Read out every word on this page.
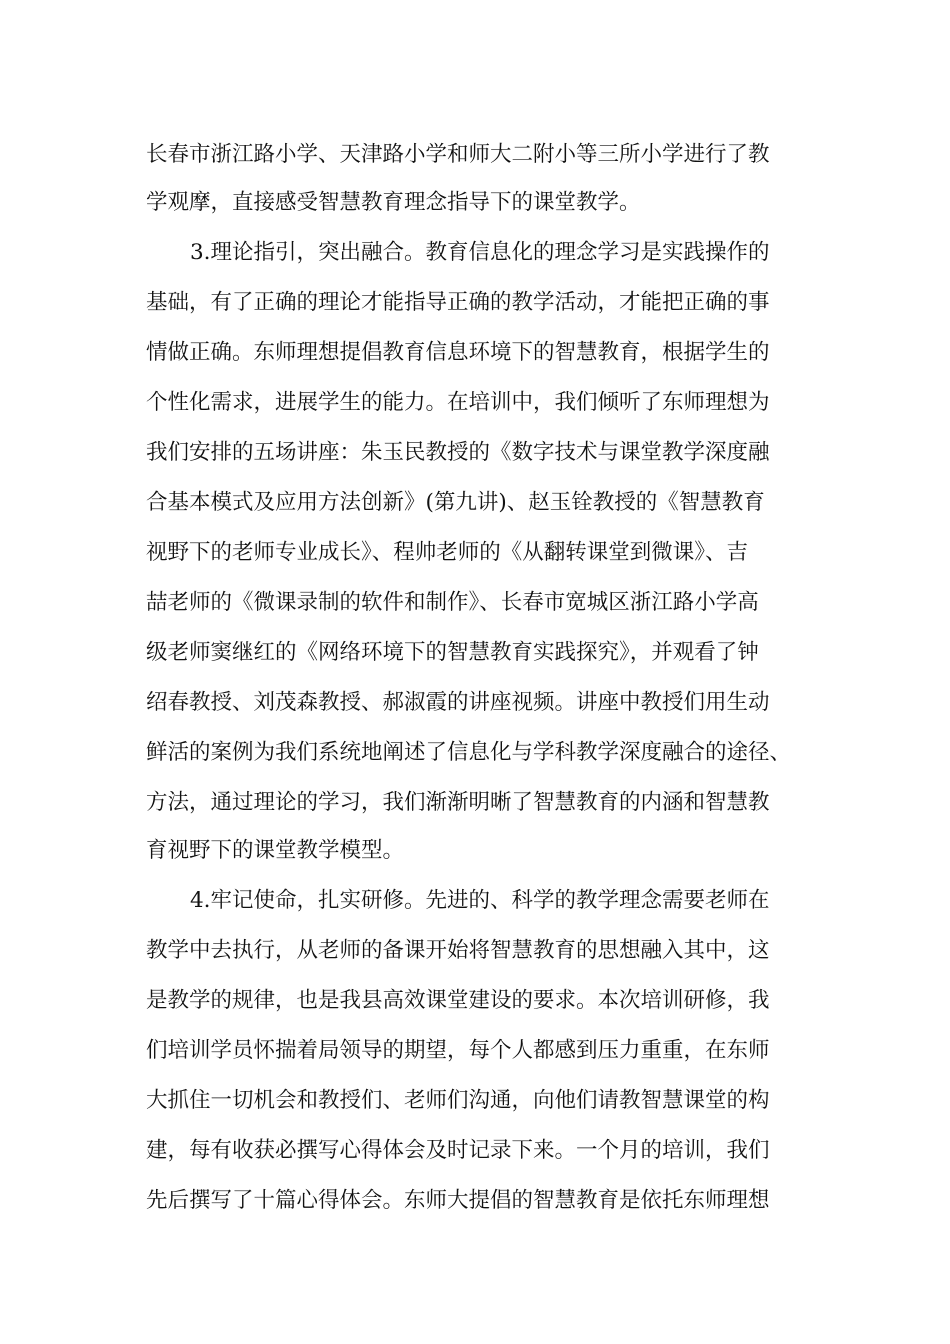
长春市浙江路小学、天津路小学和师大二附小等三所小学进行了教
学观摩，直接感受智慧教育理念指导下的课堂教学。
3.理论指引，突出融合。教育信息化的理念学习是实践操作的
基础，有了正确的理论才能指导正确的教学活动，才能把正确的事
情做正确。东师理想提倡教育信息环境下的智慧教育，根据学生的
个性化需求，进展学生的能力。在培训中，我们倾听了东师理想为
我们安排的五场讲座：朱玉民教授的《数字技术与课堂教学深度融
合基本模式及应用方法创新》(第九讲)、赵玉铨教授的《智慧教育
视野下的老师专业成长》、程帅老师的《从翻转课堂到微课》、吉
喆老师的《微课录制的软件和制作》、长春市宽城区浙江路小学高
级老师窦继红的《网络环境下的智慧教育实践探究》，并观看了钟
绍春教授、刘茂森教授、郝淑霞的讲座视频。讲座中教授们用生动
鲜活的案例为我们系统地阐述了信息化与学科教学深度融合的途径、
方法，通过理论的学习，我们渐渐明晰了智慧教育的内涵和智慧教
育视野下的课堂教学模型。
4.牢记使命，扎实研修。先进的、科学的教学理念需要老师在
教学中去执行，从老师的备课开始将智慧教育的思想融入其中，这
是教学的规律，也是我县高效课堂建设的要求。本次培训研修，我
们培训学员怀揣着局领导的期望，每个人都感到压力重重，在东师
大抓住一切机会和教授们、老师们沟通，向他们请教智慧课堂的构
建，每有收获必撰写心得体会及时记录下来。一个月的培训，我们
先后撰写了十篇心得体会。东师大提倡的智慧教育是依托东师理想
